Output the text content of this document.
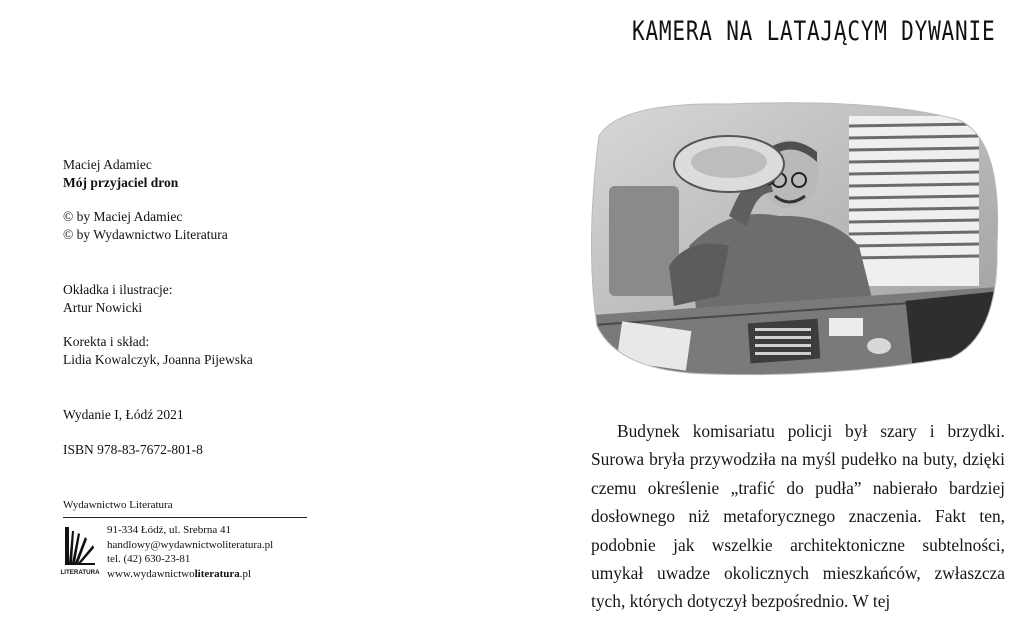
Maciej Adamiec
Mój przyjaciel dron
© by Maciej Adamiec
© by Wydawnictwo Literatura
Okładka i ilustracje:
Artur Nowicki
Korekta i skład:
Lidia Kowalczyk, Joanna Pijewska
Wydanie I, Łódź 2021
ISBN 978-83-7672-801-8
Wydawnictwo Literatura
LITERATURA
91-334 Łódź, ul. Srebrna 41
handlowy@wydawnictwoliteratura.pl
tel. (42) 630-23-81
www.wydawnictwoliteratura.pl
KAMERA NA LATAJĄCYM DYWANIE
Budynek komisariatu policji był szary i brzydki. Surowa bryła przywodziła na myśl pudełko na buty, dzięki czemu określenie „trafić do pudła” nabierało bardziej dosłownego niż metaforycznego znaczenia. Fakt ten, podobnie jak wszelkie architektoniczne subtelności, umykał uwadze okolicznych mieszkańców, zwłaszcza tych, których dotyczył bezpośrednio. W tej
